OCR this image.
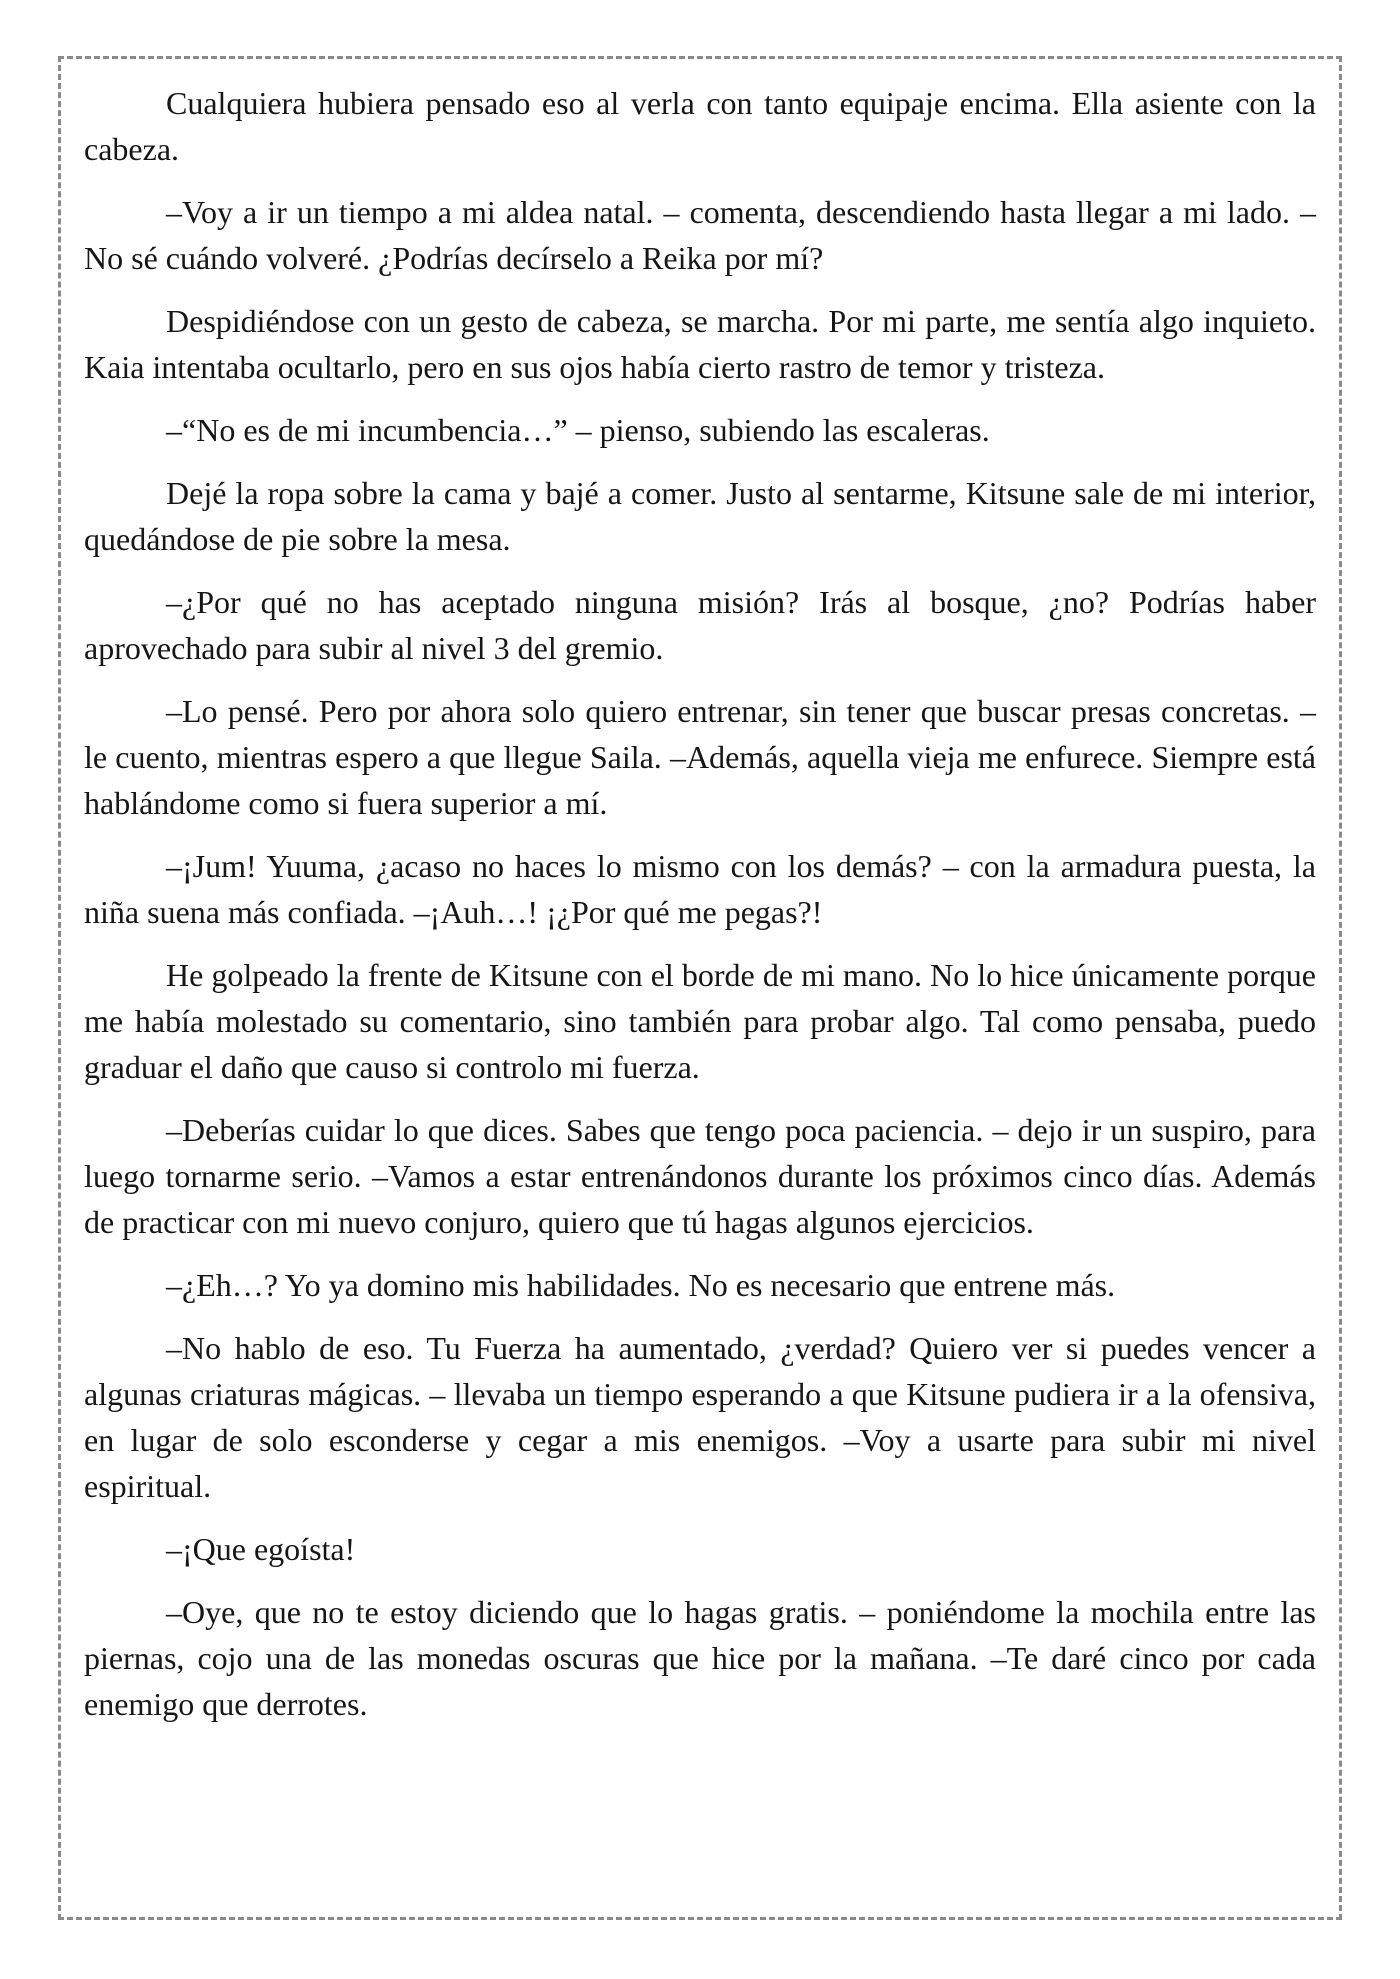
Cualquiera hubiera pensado eso al verla con tanto equipaje encima. Ella asiente con la cabeza.

–Voy a ir un tiempo a mi aldea natal. – comenta, descendiendo hasta llegar a mi lado. –No sé cuándo volveré. ¿Podrías decírselo a Reika por mí?

Despidiéndose con un gesto de cabeza, se marcha. Por mi parte, me sentía algo inquieto. Kaia intentaba ocultarlo, pero en sus ojos había cierto rastro de temor y tristeza.

–“No es de mi incumbencia…” – pienso, subiendo las escaleras.

Dejé la ropa sobre la cama y bajé a comer. Justo al sentarme, Kitsune sale de mi interior, quedándose de pie sobre la mesa.

–¿Por qué no has aceptado ninguna misión? Irás al bosque, ¿no? Podrías haber aprovechado para subir al nivel 3 del gremio.

–Lo pensé. Pero por ahora solo quiero entrenar, sin tener que buscar presas concretas. – le cuento, mientras espero a que llegue Saila. –Además, aquella vieja me enfurece. Siempre está hablándome como si fuera superior a mí.

–¡Jum! Yuuma, ¿acaso no haces lo mismo con los demás? – con la armadura puesta, la niña suena más confiada. –¡Auh…! ¡¿Por qué me pegas?!

He golpeado la frente de Kitsune con el borde de mi mano. No lo hice únicamente porque me había molestado su comentario, sino también para probar algo. Tal como pensaba, puedo graduar el daño que causo si controlo mi fuerza.

–Deberías cuidar lo que dices. Sabes que tengo poca paciencia. – dejo ir un suspiro, para luego tornarme serio. –Vamos a estar entrenándonos durante los próximos cinco días. Además de practicar con mi nuevo conjuro, quiero que tú hagas algunos ejercicios.

–¿Eh…? Yo ya domino mis habilidades. No es necesario que entrene más.

–No hablo de eso. Tu Fuerza ha aumentado, ¿verdad? Quiero ver si puedes vencer a algunas criaturas mágicas. – llevaba un tiempo esperando a que Kitsune pudiera ir a la ofensiva, en lugar de solo esconderse y cegar a mis enemigos. –Voy a usarte para subir mi nivel espiritual.

–¡Que egoísta!

–Oye, que no te estoy diciendo que lo hagas gratis. – poniéndome la mochila entre las piernas, cojo una de las monedas oscuras que hice por la mañana. –Te daré cinco por cada enemigo que derrotes.
